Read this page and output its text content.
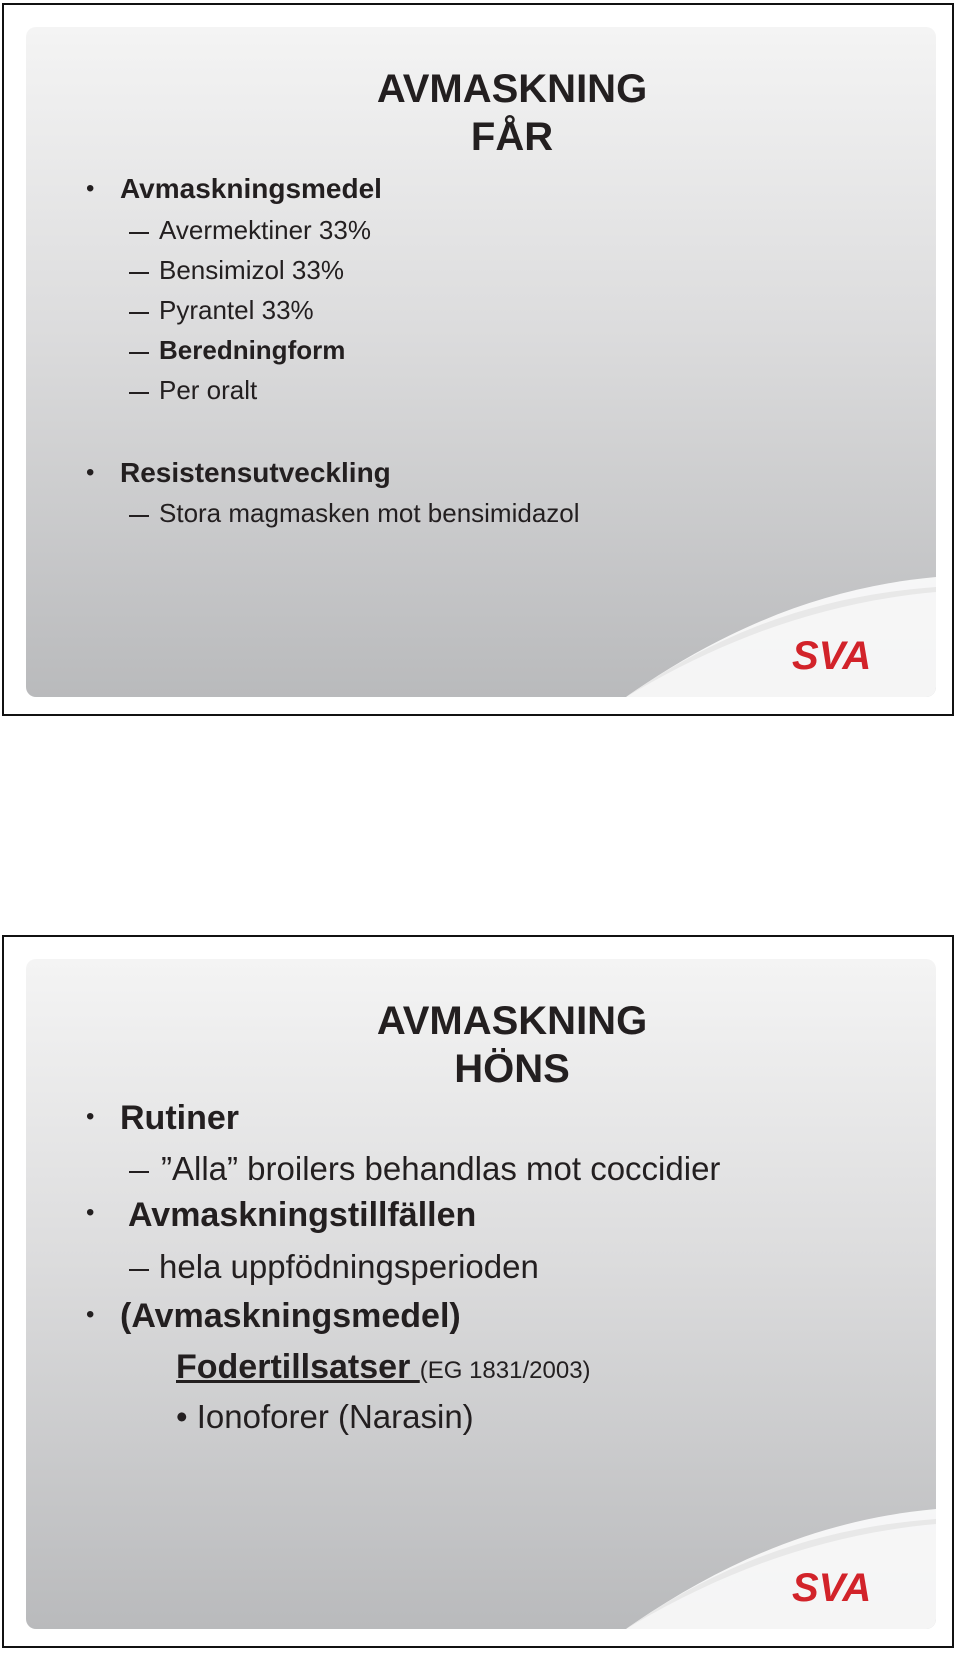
AVMASKNING
FÅR
• Avmaskningsmedel
Avermektiner 33%
Bensimizol 33%
Pyrantel 33%
Beredningform
Per oralt
• Resistensutveckling
Stora magmasken mot bensimidazol
SVA
AVMASKNING
HÖNS
• Rutiner
”Alla” broilers behandlas mot coccidier
• Avmaskningstillfällen
hela uppfödningsperioden
• (Avmaskningsmedel)
Fodertillsatser (EG 1831/2003)
• Ionoforer (Narasin)
SVA
